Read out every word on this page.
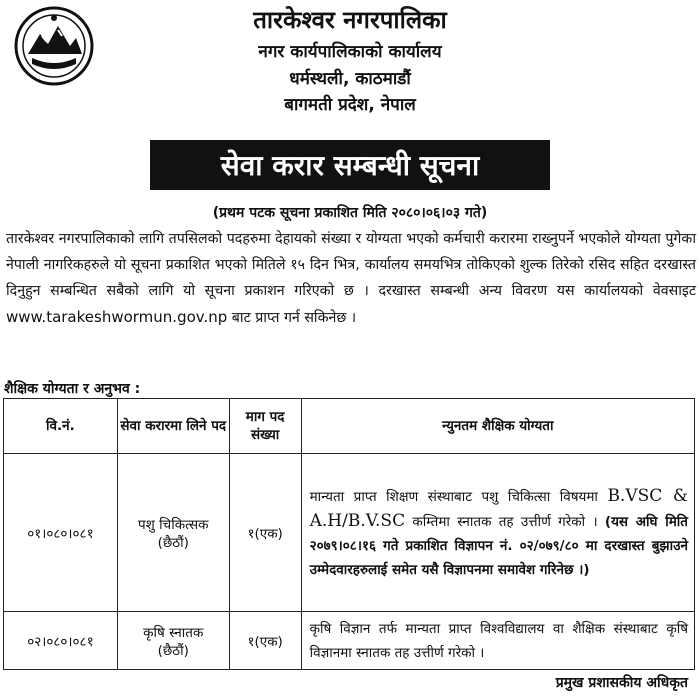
तारकेश्वर नगरपालिका
नगर कार्यपालिकाको कार्यालय
धर्मस्थली, काठमाडौं
बागमती प्रदेश, नेपाल
सेवा करार सम्बन्धी सूचना
(प्रथम पटक सूचना प्रकाशित मिति २०८०।०६।०३ गते)
तारकेश्वर नगरपालिकाको लागि तपसिलको पदहरुमा देहायको संख्या र योग्यता भएको कर्मचारी करारमा राख्नुपर्ने भएकोले योग्यता पुगेका नेपाली नागरिकहरुले यो सूचना प्रकाशित भएको मितिले १५ दिन भित्र, कार्यालय समयभित्र तोकिएको शुल्क तिरेको रसिद सहित दरखास्त दिनुहुन सम्बन्धित सबैको लागि यो सूचना प्रकाशन गरिएको छ । दरखास्त सम्बन्धी अन्य विवरण यस कार्यालयको वेवसाइट www.tarakeshwormun.gov.np बाट प्राप्त गर्न सकिनेछ ।
शैक्षिक योग्यता र अनुभव :
वि.नं.	सेवा करारमा लिने पद	माग पद संख्या	न्युनतम शैक्षिक योग्यता
०१।०८०।०८१	पशु चिकित्सक
(छैठौं)	१(एक)	मान्यता प्राप्त शिक्षण संस्थाबाट पशु चिकित्सा विषयमा B.VSC & A.H/B.V.SC कम्तिमा स्नातक तह उत्तीर्ण गरेको । (यस अघि मिति २०७९।०८।१६ गते प्रकाशित विज्ञापन नं. ०२/०७९/८० मा दरखास्त बुझाउने उम्मेदवारहरुलाई समेत यसै विज्ञापनमा समावेश गरिनेछ ।)
०२।०८०।०८१	कृषि स्नातक
(छैठौं)	१(एक)	कृषि विज्ञान तर्फ मान्यता प्राप्त विश्वविद्यालय वा शैक्षिक संस्थाबाट कृषि विज्ञानमा स्नातक तह उत्तीर्ण गरेको ।
प्रमुख प्रशासकीय अधिकृत
